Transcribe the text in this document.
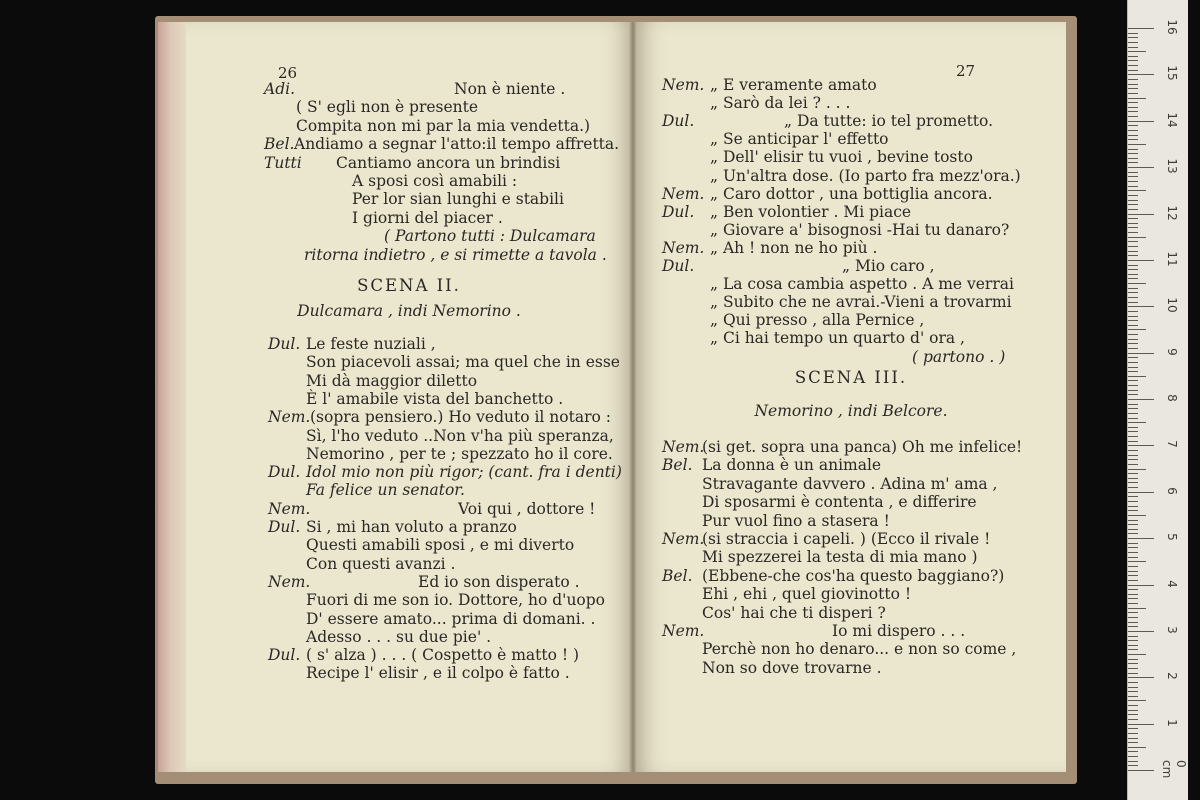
26
Adi.	Non è niente .
( S' egli non è presente
Compita non mi par la mia vendetta.)
Bel. Andiamo a segnar l'atto:il tempo affretta.
Tutti Cantiamo ancora un brindisi
A sposi così amabili :
Per lor sian lunghi e stabili
I giorni del piacer .
( Partono tutti : Dulcamara
ritorna indietro , e si rimette a tavola .
SCENA II.
Dulcamara , indi Nemorino .
Dul. Le feste nuziali ,
Son piacevoli assai; ma quel che in esse
Mi dà maggior diletto
È l' amabile vista del banchetto .
Nem. (sopra pensiero.) Ho veduto il notaro :
Sì, l'ho veduto ..Non v'ha più speranza,
Nemorino , per te ; spezzato ho il core.
Dul. Idol mio non più rigor; (cant. fra i denti)
Fa felice un senator.
Nem.	Voi qui , dottore !
Dul. Si , mi han voluto a pranzo
Questi amabili sposi , e mi diverto
Con questi avanzi .
Nem.	Ed io son disperato .
Fuori di me son io. Dottore, ho d'uopo
D' essere amato... prima di domani. .
Adesso . . . su due pie' .
Dul. ( s' alza ) . . . ( Cospetto è matto ! )
Recipe l' elisir , e il colpo è fatto .
27
Nem. „ E veramente amato
„ Sarò da lei ? . . .
Dul.	„ Da tutte: io tel prometto.
„ Se anticipar l' effetto
„ Dell' elisir tu vuoi , bevine tosto
„ Un'altra dose. (Io parto fra mezz'ora.)
Nem. „ Caro dottor , una bottiglia ancora.
Dul. „ Ben volontier . Mi piace
„ Giovare a' bisognosi -Hai tu danaro?
Nem. „ Ah ! non ne ho più .
Dul.	„ Mio caro ,
„ La cosa cambia aspetto . A me verrai
„ Subito che ne avrai.-Vieni a trovarmi
„ Qui presso , alla Pernice ,
„ Ci hai tempo un quarto d' ora ,
( partono . )
SCENA III.
Nemorino , indi Belcore.
Nem.
(si get. sopra una panca) Oh me infelice!
Bel. La donna è un animale
Stravagante davvero . Adina m' ama ,
Di sposarmi è contenta , e differire
Pur vuol fino a stasera !
Nem.
(si straccia i capeli. ) (Ecco il rivale !
Mi spezzerei la testa di mia mano )
Bel. (Ebbene-che cos'ha questo baggiano?)
Ehi , ehi , quel giovinotto !
Cos' hai che ti disperi ?
Nem.	Io mi dispero . . .
Perchè non ho denaro... e non so come ,
Non so dove trovarne .
0 cm
16
15
14
13
12
11
10
9
8
7
6
5
4
3
2
1
